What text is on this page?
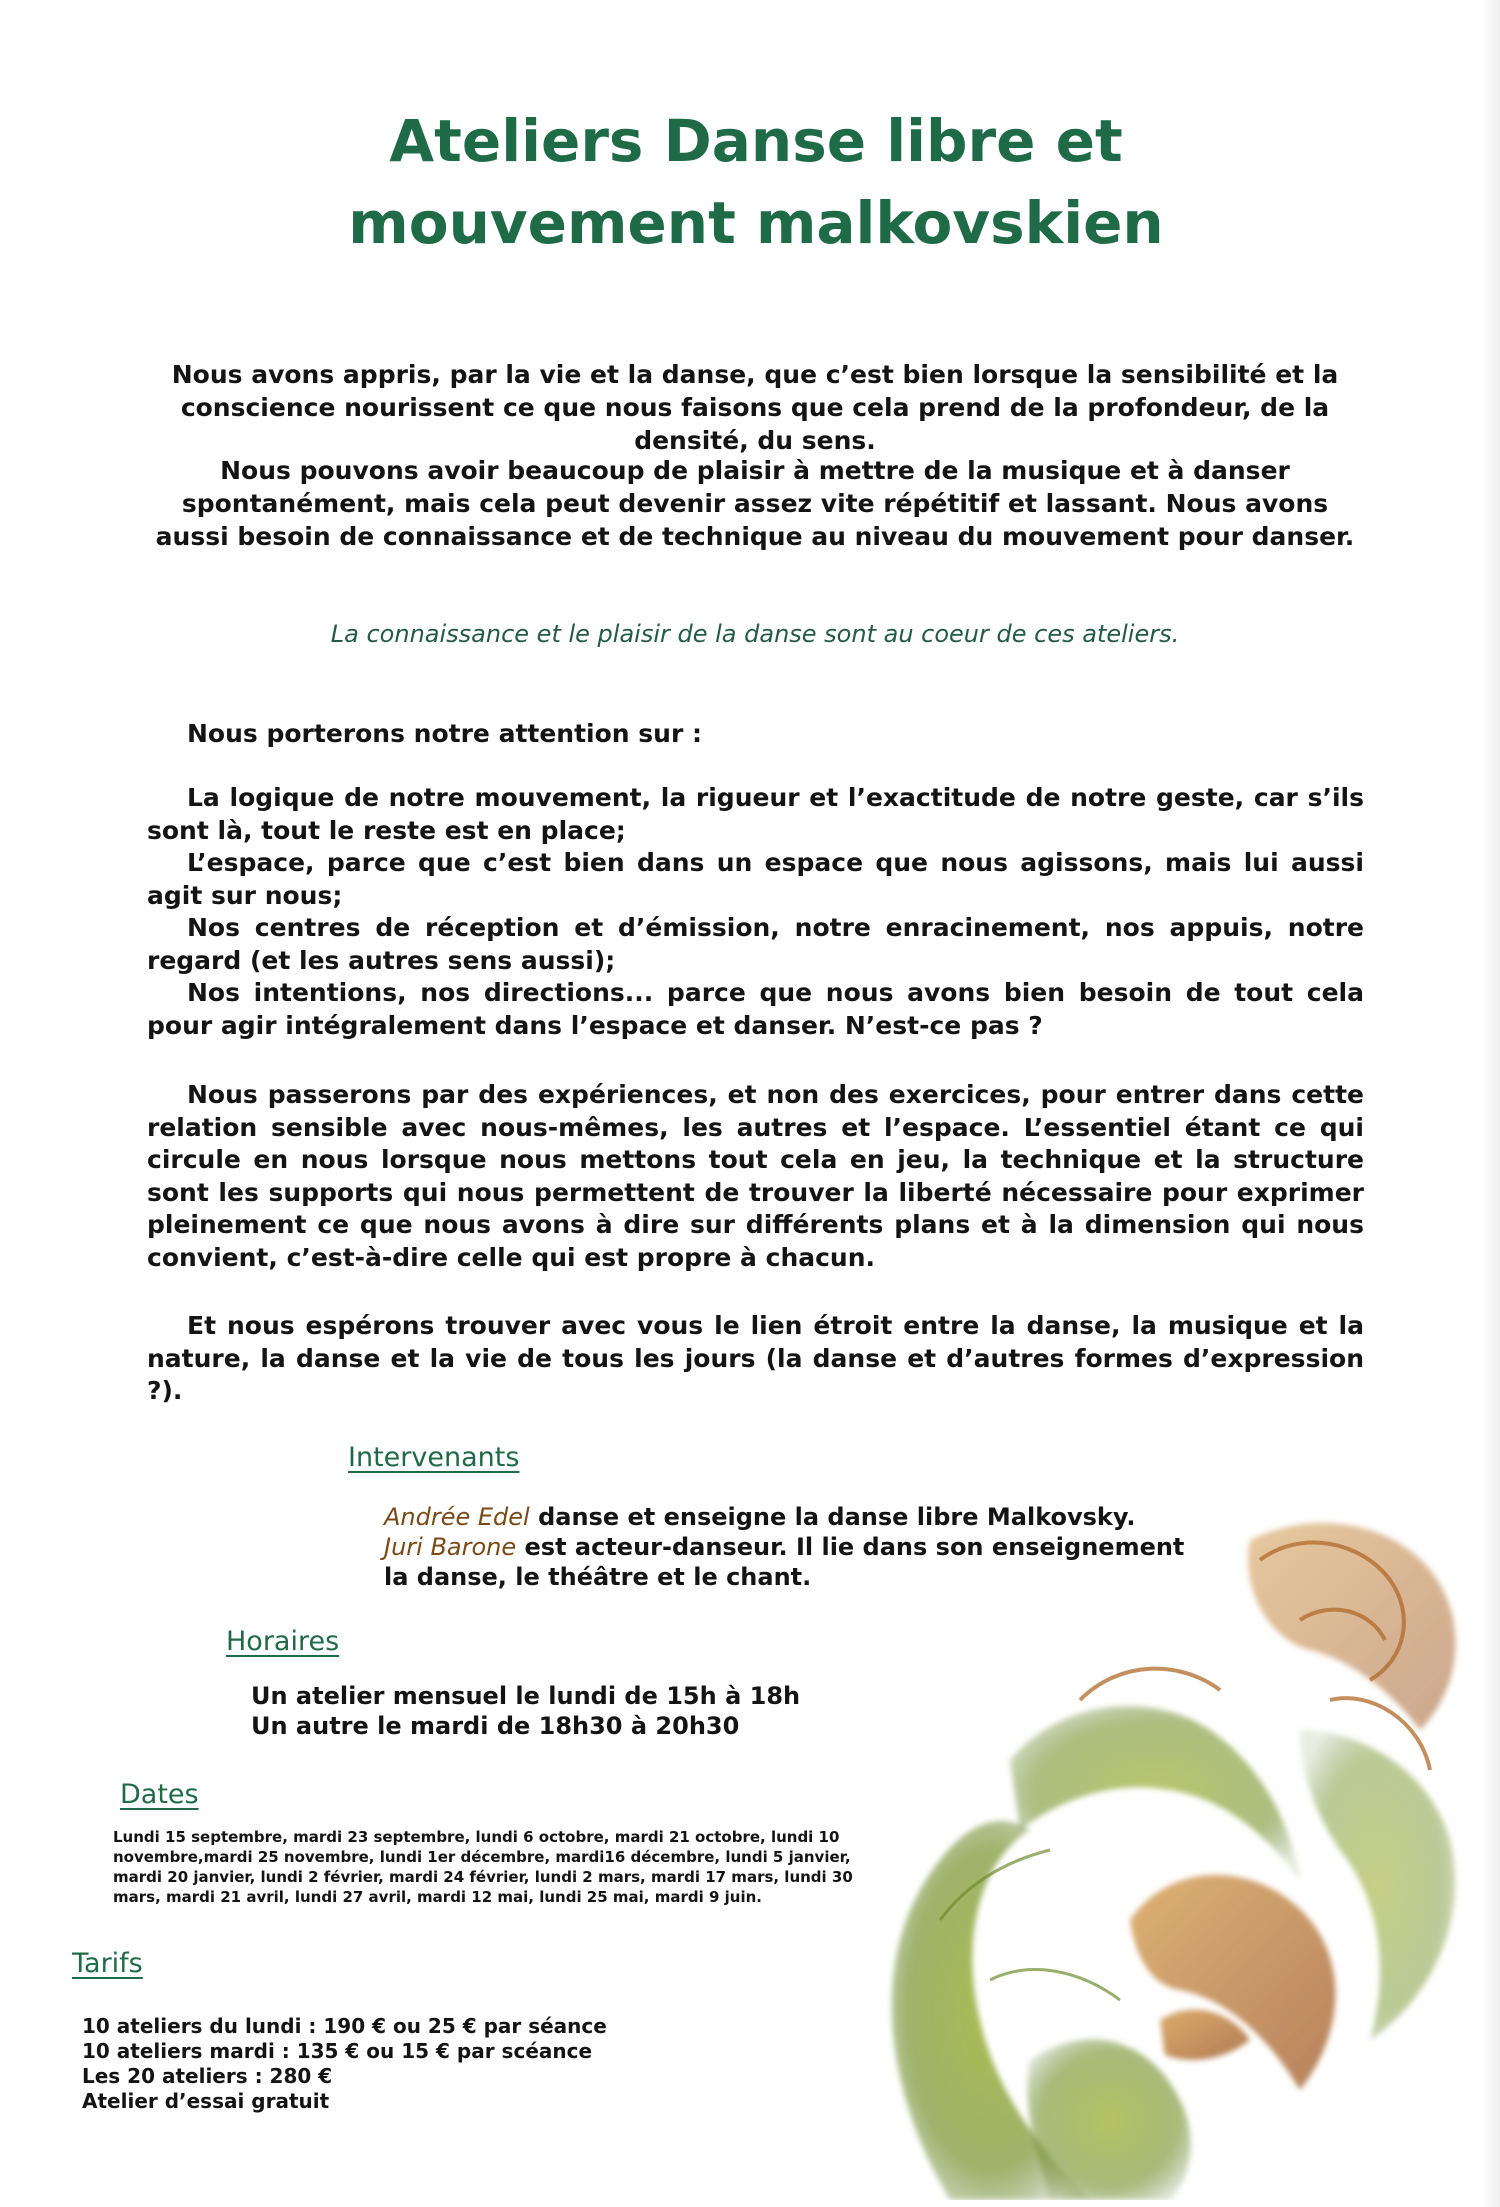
Ateliers Danse libre et
mouvement malkovskien

Nous avons appris, par la vie et la danse, que c’est bien lorsque la sensibilité et la conscience nourissent ce que nous faisons que cela prend de la profondeur, de la densité, du sens.

Nous pouvons avoir beaucoup de plaisir à mettre de la musique et à danser spontanément, mais cela peut devenir assez vite répétitif et lassant. Nous avons aussi besoin de connaissance et de technique au niveau du mouvement pour danser.

La connaissance et le plaisir de la danse sont au coeur de ces ateliers.

Nous porterons notre attention sur :

La logique de notre mouvement, la rigueur et l’exactitude de notre geste, car s’ils sont là, tout le reste est en place;

L’espace, parce que c’est bien dans un espace que nous agissons, mais lui aussi agit sur nous;

Nos centres de réception et d’émission, notre enracinement, nos appuis, notre regard (et les autres sens aussi);

Nos intentions, nos directions... parce que nous avons bien besoin de tout cela pour agir intégralement dans l’espace et danser. N’est-ce pas ?

Nous passerons par des expériences, et non des exercices, pour entrer dans cette relation sensible avec nous-mêmes, les autres et l’espace. L’essentiel étant ce qui circule en nous lorsque nous mettons tout cela en jeu, la technique et la structure sont les supports qui nous permettent de trouver la liberté nécessaire pour exprimer pleinement ce que nous avons à dire sur différents plans et à la dimension qui nous convient, c’est-à-dire celle qui est propre à chacun.

Et nous espérons trouver avec vous le lien étroit entre la danse, la musique et la nature, la danse et la vie de tous les jours (la danse et d’autres formes d’expression ?).

Intervenants

Andrée Edel danse et enseigne la danse libre Malkovsky.

Juri Barone est acteur-danseur. Il lie dans son enseignement

la danse, le théâtre et le chant.

Horaires

Un atelier mensuel le lundi de 15h à 18h

Un autre le mardi de 18h30 à 20h30

Dates

Lundi 15 septembre, mardi 23 septembre, lundi 6 octobre, mardi 21 octobre, lundi 10

novembre,mardi 25 novembre, lundi 1er décembre, mardi16 décembre, lundi 5 janvier,

mardi 20 janvier, lundi 2 février, mardi 24 février, lundi 2 mars, mardi 17 mars, lundi 30

mars, mardi 21 avril, lundi 27 avril, mardi 12 mai, lundi 25 mai, mardi 9 juin.

Tarifs

10 ateliers du lundi : 190 € ou 25 € par séance

10 ateliers mardi : 135 € ou 15 € par scéance

Les 20 ateliers : 280 €

Atelier d’essai gratuit
